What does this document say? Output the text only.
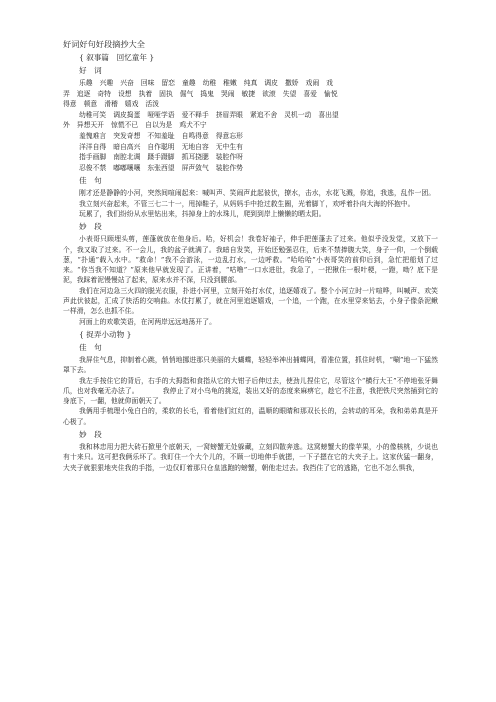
好词好句好段摘抄大全
{ 叙事篇　回忆童年 }
好　词
乐趣 兴趣 兴奋 回味 留恋 童趣 幼稚 稚嫩 纯真 调皮 撒娇 戏闹 戏
弄 追逐 奇特 设想 执着 固执 倔气 捣鬼 哭闹 敏捷 欲滚 失望 喜爱 愉悦
得意 顿意 滑稽 嬉戏 活泼
幼稚可笑 调皮捣蛋 哑哑学语 爱不释手 挤眉弄眼 紧追不舍 灵机一动 喜出望
外 异想天开 惊慌不已 自以为是 鸡犬不宁
羞愧难言 突发奇想 不知羞耻 自鸣得意 得意忘形
洋洋自得 暗自高兴 自作聪明 无地自容 无中生有
指手画脚 南腔北调 蹑手蹑脚 抓耳挠腮 装腔作呀
忍俊不禁 嘟嘟嚷嚷 东张西望 屏声敛气 装腔作势
佳　句

刚才还是静静的小河，突然间喧闹起来：喊叫声、笑闹声此起彼伏，撩水，击水，水花飞溅，你追，我逃，乱作一团。

我立刻兴奋起来，不管三七二十一，甩掉鞋子，从妈妈手中抢过救生圈，光着脚丫，欢呼着扑向大海的怀抱中。

玩累了，我们纷纷从水里钻出来，抖掉身上的水珠儿，爬到到岸上懒懒的晒太阳。

妙　段

小表哥只顾埋头剪，莲蓬就放在他身后。哈，好机会！我卷好袖子，伸手把莲蓬去了过来。他似乎没发觉，又放下一个，我又取了过来。不一会儿，我的盆子就满了。我暗自发笑，开始还勉强忍住，后来不禁捧腹大笑，身子一仰，一个倒载葱，“扑通”载入水中。“救命！”我不会游泳，一边乱打水，一边呼救。“哈哈哈”小表哥笑的前仰后到，急忙把船划了过来。“你当我不知道？”原来他早就发现了。正讲着，“咕噜”一口水进肚，我急了，一把揪住一根叶梗，一蹬，呦？底下是泥，我踩着泥慢慢站了起来，原来水并不深，只没到腰部。

我们在河边急三火四的脱光衣服，扑进小河里，立刻开始打水仗，追逐嬉戏了。整个小河立时一片喧哗，叫喊声、欢笑声此伏彼起，汇成了快活的交响曲。水仗打累了，就在河里追逐嬉戏，一个追，一个跑，在水里穿来钻去，小身子像条泥鳅一样滑，怎么也抓不住。

河面上的欢歌笑语，在河两岸远远地荡开了。

{ 捉弄小动物 }
佳　句

我屏住气息，抑制着心跳，悄悄地挪进那只美丽的大蝴蝶，轻轻举神出捕蝶网，看准位置，抓住时机，“唰”地一下猛然罩下去。

我左手按住它的背后，右手的大拇指和食指从它的大钳子后伸过去，使劲儿捏住它，尽管这个“横行大王”不停地张牙舞爪，也对我毫无办法了。　　　　我停止了对小乌龟的挑逗，装出又好的态度来麻痹它，趁它不注意，我把铁尺突然插到它的身底下，一翻，他就仰面朝天了。

我俩用手梳理小兔白白的，柔软的长毛，看着他们红红的，温顺的眼睛和那双长长的，会转动的耳朵，我和弟弟真是开心极了。

妙　段

我和林忠用力把大砖石掀里个底朝天，一窝螃蟹无处躲藏，立刻四散奔逃。这窝螃蟹大的像苹果，小的像核桃，少说也有十来只。这可把我俩乐坏了。我盯住一个大个儿的，不顾一切地伸手就摁，一下子摁在它的大夹子上。这家伙猛一翻身，大夹子就狠狠地夹住我的手指，一边仅盯着那只仓皇逃跑的螃蟹，朝他走过去。我挡住了它的逃路，它也不怎么惧我，
